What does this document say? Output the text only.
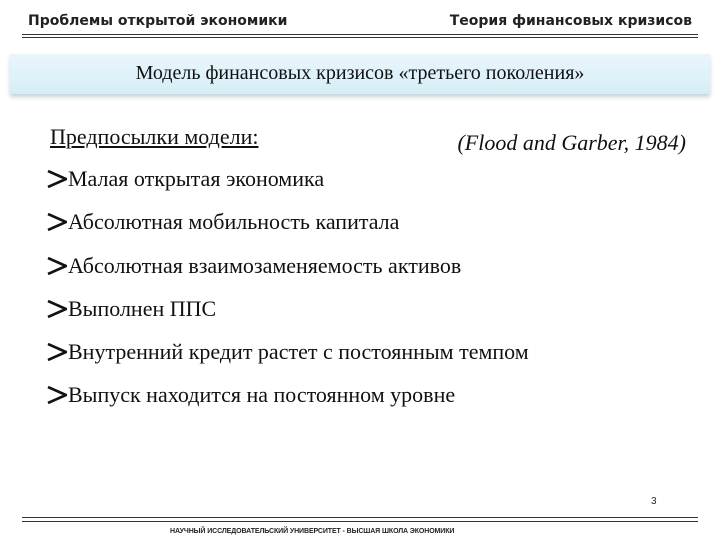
Проблемы открытой экономики	Теория финансовых кризисов
Модель финансовых кризисов «третьего поколения»
Предпосылки модели:	(Flood and Garber, 1984)
Малая открытая экономика
Абсолютная мобильность капитала
Абсолютная взаимозаменяемость активов
Выполнен ППС
Внутренний кредит растет с постоянным темпом
Выпуск находится на постоянном уровне
3
НАУЧНЫЙ ИССЛЕДОВАТЕЛЬСКИЙ УНИВЕРСИТЕТ - ВЫСШАЯ ШКОЛА ЭКОНОМИКИ
